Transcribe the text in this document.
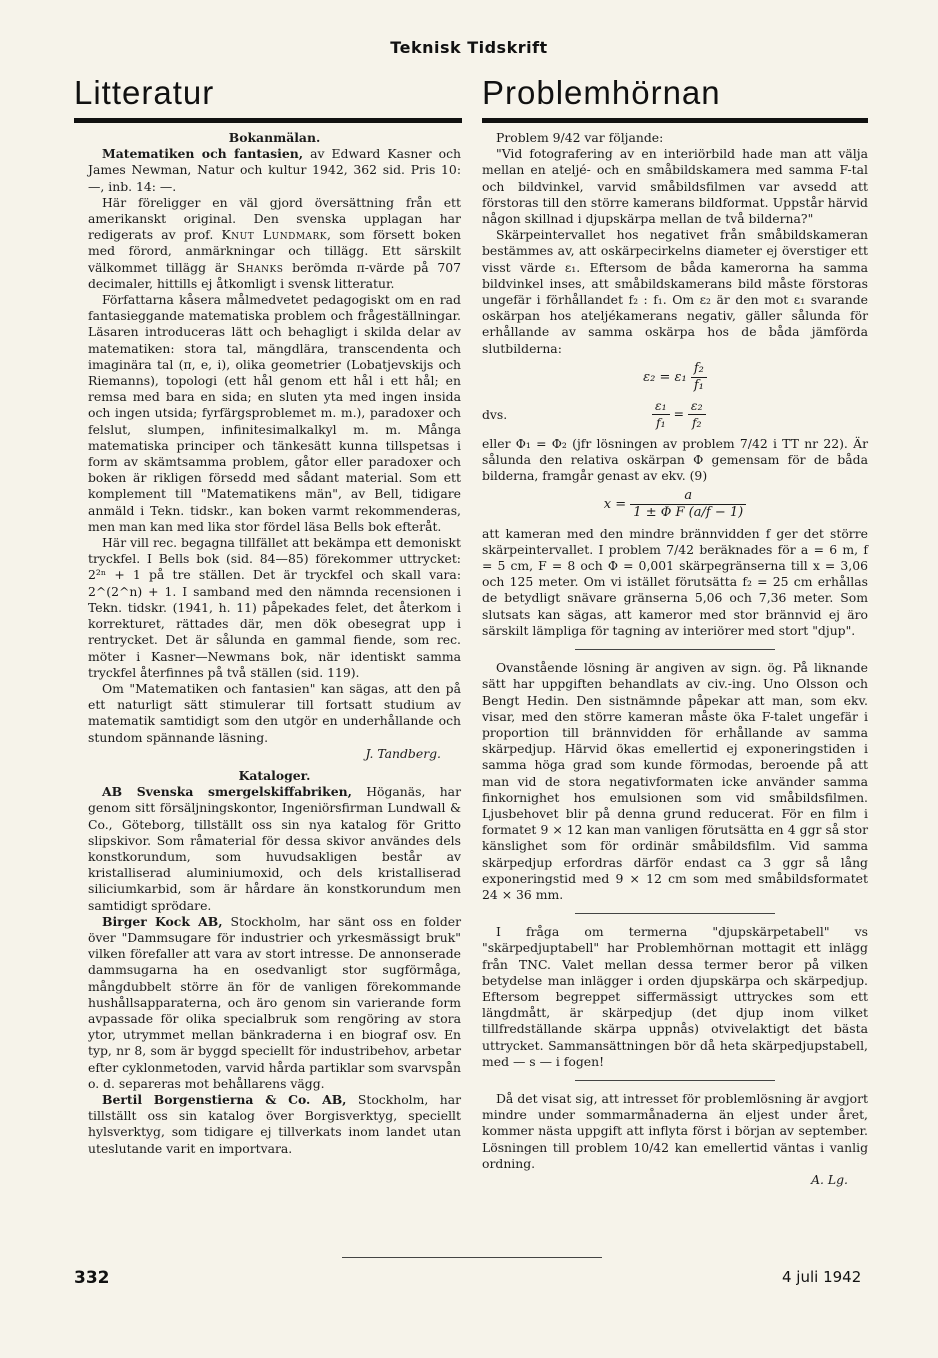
Teknisk Tidskrift
Litteratur	Problemhörnan

Bokanmälan.

Matematiken och fantasien, av Edward Kasner och James Newman, Natur och kultur 1942, 362 sid. Pris 10: —, inb. 14: —.

Här föreligger en väl gjord översättning från ett amerikanskt original. Den svenska upplagan har redigerats av prof. Knut Lundmark, som försett boken med förord, anmärkningar och tillägg. Ett särskilt välkommet tillägg är Shanks berömda π-värde på 707 decimaler, hittills ej åtkomligt i svensk litteratur.

Författarna kåsera målmedvetet pedagogiskt om en rad fantasieggande matematiska problem och frågeställningar. Läsaren introduceras lätt och behagligt i skilda delar av matematiken: stora tal, mängdlära, transcendenta och imaginära tal (π, e, i), olika geometrier (Lobatjevskijs och Riemanns), topologi (ett hål genom ett hål i ett hål; en remsa med bara en sida; en sluten yta med ingen insida och ingen utsida; fyrfärgsproblemet m. m.), paradoxer och felslut, slumpen, infinitesimalkalkyl m. m. Många matematiska principer och tänkesätt kunna tillspetsas i form av skämtsamma problem, gåtor eller paradoxer och boken är rikligen försedd med sådant material. Som ett komplement till "Matematikens män", av Bell, tidigare anmäld i Tekn. tidskr., kan boken varmt rekommenderas, men man kan med lika stor fördel läsa Bells bok efteråt.

Här vill rec. begagna tillfället att bekämpa ett demoniskt tryckfel. I Bells bok (sid. 84—85) förekommer uttrycket: 2²ⁿ + 1 på tre ställen. Det är tryckfel och skall vara: 2^(2^n) + 1. I samband med den nämnda recensionen i Tekn. tidskr. (1941, h. 11) påpekades felet, det återkom i korrekturet, rättades där, men dök obesegrat upp i rentrycket. Det är sålunda en gammal fiende, som rec. möter i Kasner—Newmans bok, när identiskt samma tryckfel återfinnes på två ställen (sid. 119).

Om "Matematiken och fantasien" kan sägas, att den på ett naturligt sätt stimulerar till fortsatt studium av matematik samtidigt som den utgör en underhållande och stundom spännande läsning.

J. Tandberg.

Kataloger.

AB Svenska smergelskiffabriken, Höganäs, har genom sitt försäljningskontor, Ingeniörsfirman Lundwall & Co., Göteborg, tillställt oss sin nya katalog för Gritto slipskivor. Som råmaterial för dessa skivor användes dels konstkorundum, som huvudsakligen består av kristalliserad aluminiumoxid, och dels kristalliserad siliciumkarbid, som är hårdare än konstkorundum men samtidigt sprödare.

Birger Kock AB, Stockholm, har sänt oss en folder över "Dammsugare för industrier och yrkesmässigt bruk" vilken förefaller att vara av stort intresse. De annonserade dammsugarna ha en osedvanligt stor sugförmåga, mångdubbelt större än för de vanligen förekommande hushållsapparaterna, och äro genom sin varierande form avpassade för olika specialbruk som rengöring av stora ytor, utrymmet mellan bänkraderna i en biograf osv. En typ, nr 8, som är byggd speciellt för industribehov, arbetar efter cyklonmetoden, varvid hårda partiklar som svarvspån o. d. separeras mot behållarens vägg.

Bertil Borgenstierna & Co. AB, Stockholm, har tillställt oss sin katalog över Borgisverktyg, speciellt hylsverktyg, som tidigare ej tillverkats inom landet utan uteslutande varit en importvara.

Problem 9/42 var följande:

"Vid fotografering av en interiörbild hade man att välja mellan en ateljé- och en småbildskamera med samma F-tal och bildvinkel, varvid småbildsfilmen var avsedd att förstoras till den större kamerans bildformat. Uppstår härvid någon skillnad i djupskärpa mellan de två bilderna?"

Skärpeintervallet hos negativet från småbildskameran bestämmes av, att oskärpecirkelns diameter ej överstiger ett visst värde ε₁. Eftersom de båda kamerorna ha samma bildvinkel inses, att småbildskamerans bild måste förstoras ungefär i förhållandet f₂ : f₁. Om ε₂ är den mot ε₁ svarande oskärpan hos ateljékamerans negativ, gäller sålunda för erhållande av samma oskärpa hos de båda jämförda slutbilderna:

$\varepsilon_2 = \varepsilon_1 \frac{\text{f₂}}{\text{f₁}}$
dvs.	$\frac{\text{ε₁}}{\text{f₁}} = \frac{\text{ε₂}}{\text{f₂}}$

eller Φ₁ = Φ₂ (jfr lösningen av problem 7/42 i TT nr 22). Är sålunda den relativa oskärpan Φ gemensam för de båda bilderna, framgår genast av ekv. (9)

$x = \frac{a}{\text{1 ± Φ F (a/f − 1)}}$

att kameran med den mindre brännvidden f ger det större skärpeintervallet. I problem 7/42 beräknades för a = 6 m, f = 5 cm, F = 8 och Φ = 0,001 skärpegränserna till x = 3,06 och 125 meter. Om vi istället förutsätta f₂ = 25 cm erhållas de betydligt snävare gränserna 5,06 och 7,36 meter. Som slutsats kan sägas, att kameror med stor brännvid ej äro särskilt lämpliga för tagning av interiörer med stort "djup".

Ovanstående lösning är angiven av sign. ög. På liknande sätt har uppgiften behandlats av civ.-ing. Uno Olsson och Bengt Hedin. Den sistnämnde påpekar att man, som ekv. visar, med den större kameran måste öka F-talet ungefär i proportion till brännvidden för erhållande av samma skärpedjup. Härvid ökas emellertid ej exponeringstiden i samma höga grad som kunde förmodas, beroende på att man vid de stora negativformaten icke använder samma finkornighet hos emulsionen som vid småbildsfilmen. Ljusbehovet blir på denna grund reducerat. För en film i formatet 9 × 12 kan man vanligen förutsätta en 4 ggr så stor känslighet som för ordinär småbildsfilm. Vid samma skärpedjup erfordras därför endast ca 3 ggr så lång exponeringstid med 9 × 12 cm som med småbildsformatet 24 × 36 mm.

I fråga om termerna "djupskärpetabell" vs "skärpedjuptabell" har Problemhörnan mottagit ett inlägg från TNC. Valet mellan dessa termer beror på vilken betydelse man inlägger i orden djupskärpa och skärpedjup. Eftersom begreppet siffermässigt uttryckes som ett längdmått, är skärpedjup (det djup inom vilket tillfredställande skärpa uppnås) otvivelaktigt det bästa uttrycket. Sammansättningen bör då heta skärpedjupstabell, med — s — i fogen!

Då det visat sig, att intresset för problemlösning är avgjort mindre under sommarmånaderna än eljest under året, kommer nästa uppgift att inflyta först i början av september. Lösningen till problem 10/42 kan emellertid väntas i vanlig ordning.

A. Lg.

332	4 juli 1942
